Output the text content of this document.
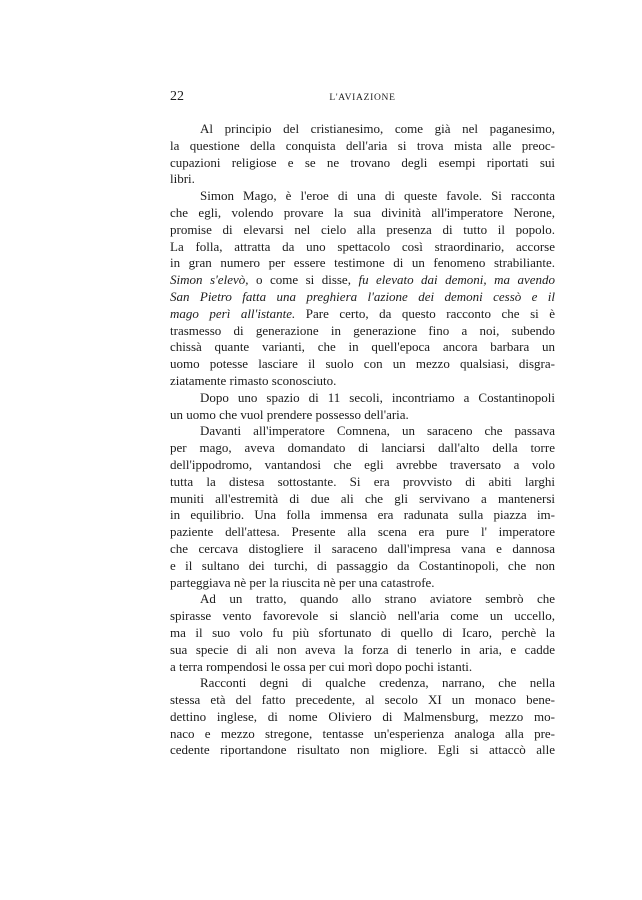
22	L'AVIAZIONE
Al principio del cristianesimo, come già nel paganesimo,
la questione della conquista dell'aria si trova mista alle preoc-
cupazioni religiose e se ne trovano degli esempi riportati sui
libri.
Simon Mago, è l'eroe di una di queste favole. Si racconta
che egli, volendo provare la sua divinità all'imperatore Nerone,
promise di elevarsi nel cielo alla presenza di tutto il popolo.
La folla, attratta da uno spettacolo così straordinario, accorse
in gran numero per essere testimone di un fenomeno strabiliante.
Simon s'elevò, o come si disse, fu elevato dai demoni, ma avendo
San Pietro fatta una preghiera l'azione dei demoni cessò e il
mago perì all'istante. Pare certo, da questo racconto che si è
trasmesso di generazione in generazione fino a noi, subendo
chissà quante varianti, che in quell'epoca ancora barbara un
uomo potesse lasciare il suolo con un mezzo qualsiasi, disgra-
ziatamente rimasto sconosciuto.
Dopo uno spazio di 11 secoli, incontriamo a Costantinopoli
un uomo che vuol prendere possesso dell'aria.
Davanti all'imperatore Comnena, un saraceno che passava
per mago, aveva domandato di lanciarsi dall'alto della torre
dell'ippodromo, vantandosi che egli avrebbe traversato a volo
tutta la distesa sottostante. Si era provvisto di abiti larghi
muniti all'estremità di due ali che gli servivano a mantenersi
in equilibrio. Una folla immensa era radunata sulla piazza im-
paziente dell'attesa. Presente alla scena era pure l' imperatore
che cercava distogliere il saraceno dall'impresa vana e dannosa
e il sultano dei turchi, di passaggio da Costantinopoli, che non
parteggiava nè per la riuscita nè per una catastrofe.
Ad un tratto, quando allo strano aviatore sembrò che
spirasse vento favorevole si slanciò nell'aria come un uccello,
ma il suo volo fu più sfortunato di quello di Icaro, perchè la
sua specie di ali non aveva la forza di tenerlo in aria, e cadde
a terra rompendosi le ossa per cui morì dopo pochi istanti.
Racconti degni di qualche credenza, narrano, che nella
stessa età del fatto precedente, al secolo XI un monaco bene-
dettino inglese, di nome Oliviero di Malmensburg, mezzo mo-
naco e mezzo stregone, tentasse un'esperienza analoga alla pre-
cedente riportandone risultato non migliore. Egli si attaccò alle
